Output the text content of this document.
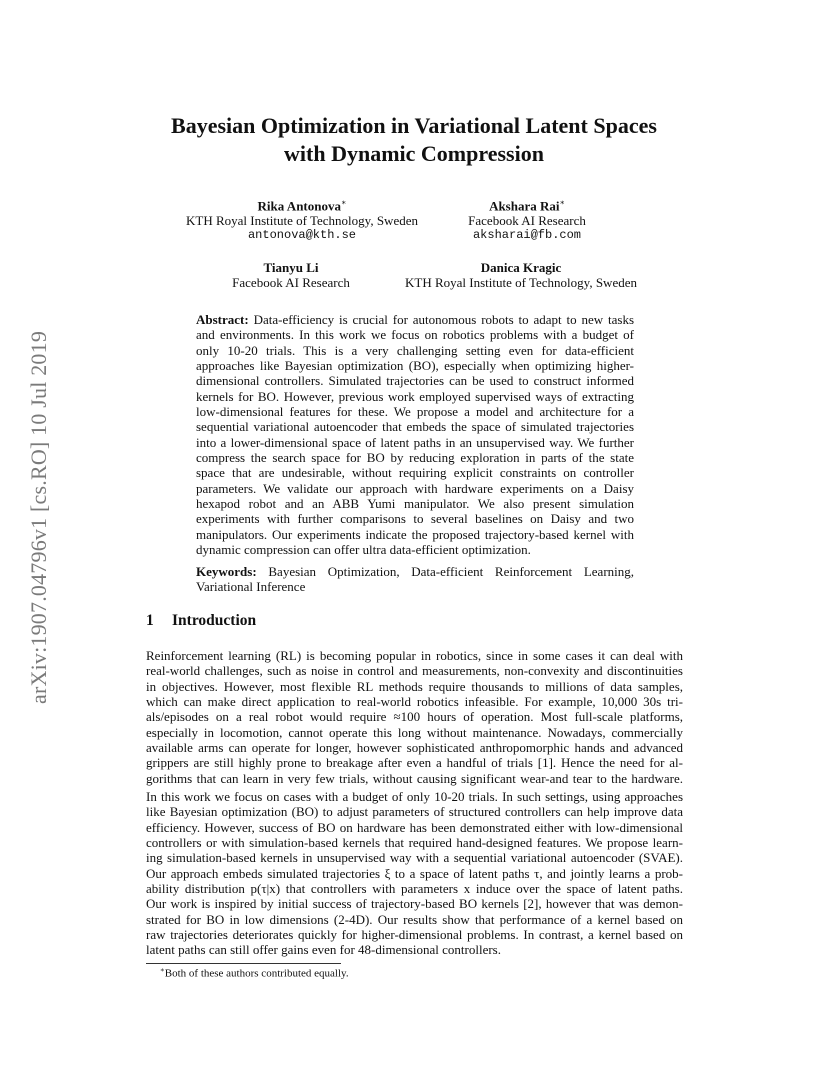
arXiv:1907.04796v1 [cs.RO] 10 Jul 2019
Bayesian Optimization in Variational Latent Spaces
with Dynamic Compression
Rika Antonova∗
KTH Royal Institute of Technology, Sweden
antonova@kth.se
Akshara Rai∗
Facebook AI Research
aksharai@fb.com
Tianyu Li
Facebook AI Research
Danica Kragic
KTH Royal Institute of Technology, Sweden
Abstract: Data-efficiency is crucial for autonomous robots to adapt to new tasks and environments. In this work we focus on robotics problems with a budget of only 10-20 trials. This is a very challenging setting even for data-efficient approaches like Bayesian optimization (BO), especially when optimizing higher-dimensional controllers. Simulated trajectories can be used to construct informed kernels for BO. However, previous work employed supervised ways of extracting low-dimensional features for these. We propose a model and architecture for a sequential variational autoencoder that embeds the space of simulated trajectories into a lower-dimensional space of latent paths in an unsupervised way. We further compress the search space for BO by reducing exploration in parts of the state space that are undesirable, without requiring explicit constraints on controller parameters. We validate our approach with hardware experiments on a Daisy hexapod robot and an ABB Yumi manipulator. We also present simulation experiments with further comparisons to several baselines on Daisy and two manipulators. Our experiments indicate the proposed trajectory-based kernel with dynamic compression can offer ultra data-efficient optimization.
Keywords: Bayesian Optimization, Data-efficient Reinforcement Learning, Variational Inference
1 Introduction
Reinforcement learning (RL) is becoming popular in robotics, since in some cases it can deal with
real-world challenges, such as noise in control and measurements, non-convexity and discontinuities
in objectives. However, most flexible RL methods require thousands to millions of data samples,
which can make direct application to real-world robotics infeasible. For example, 10,000 30s tri-
als/episodes on a real robot would require ≈100 hours of operation. Most full-scale platforms,
especially in locomotion, cannot operate this long without maintenance. Nowadays, commercially
available arms can operate for longer, however sophisticated anthropomorphic hands and advanced
grippers are still highly prone to breakage after even a handful of trials [1]. Hence the need for al-
gorithms that can learn in very few trials, without causing significant wear-and tear to the hardware.
In this work we focus on cases with a budget of only 10-20 trials. In such settings, using approaches
like Bayesian optimization (BO) to adjust parameters of structured controllers can help improve data
efficiency. However, success of BO on hardware has been demonstrated either with low-dimensional
controllers or with simulation-based kernels that required hand-designed features. We propose learn-
ing simulation-based kernels in unsupervised way with a sequential variational autoencoder (SVAE).
Our approach embeds simulated trajectories ξ to a space of latent paths τ, and jointly learns a prob-
ability distribution p(τ|x) that controllers with parameters x induce over the space of latent paths.
Our work is inspired by initial success of trajectory-based BO kernels [2], however that was demon-
strated for BO in low dimensions (2-4D). Our results show that performance of a kernel based on
raw trajectories deteriorates quickly for higher-dimensional problems. In contrast, a kernel based on
latent paths can still offer gains even for 48-dimensional controllers.
∗Both of these authors contributed equally.
